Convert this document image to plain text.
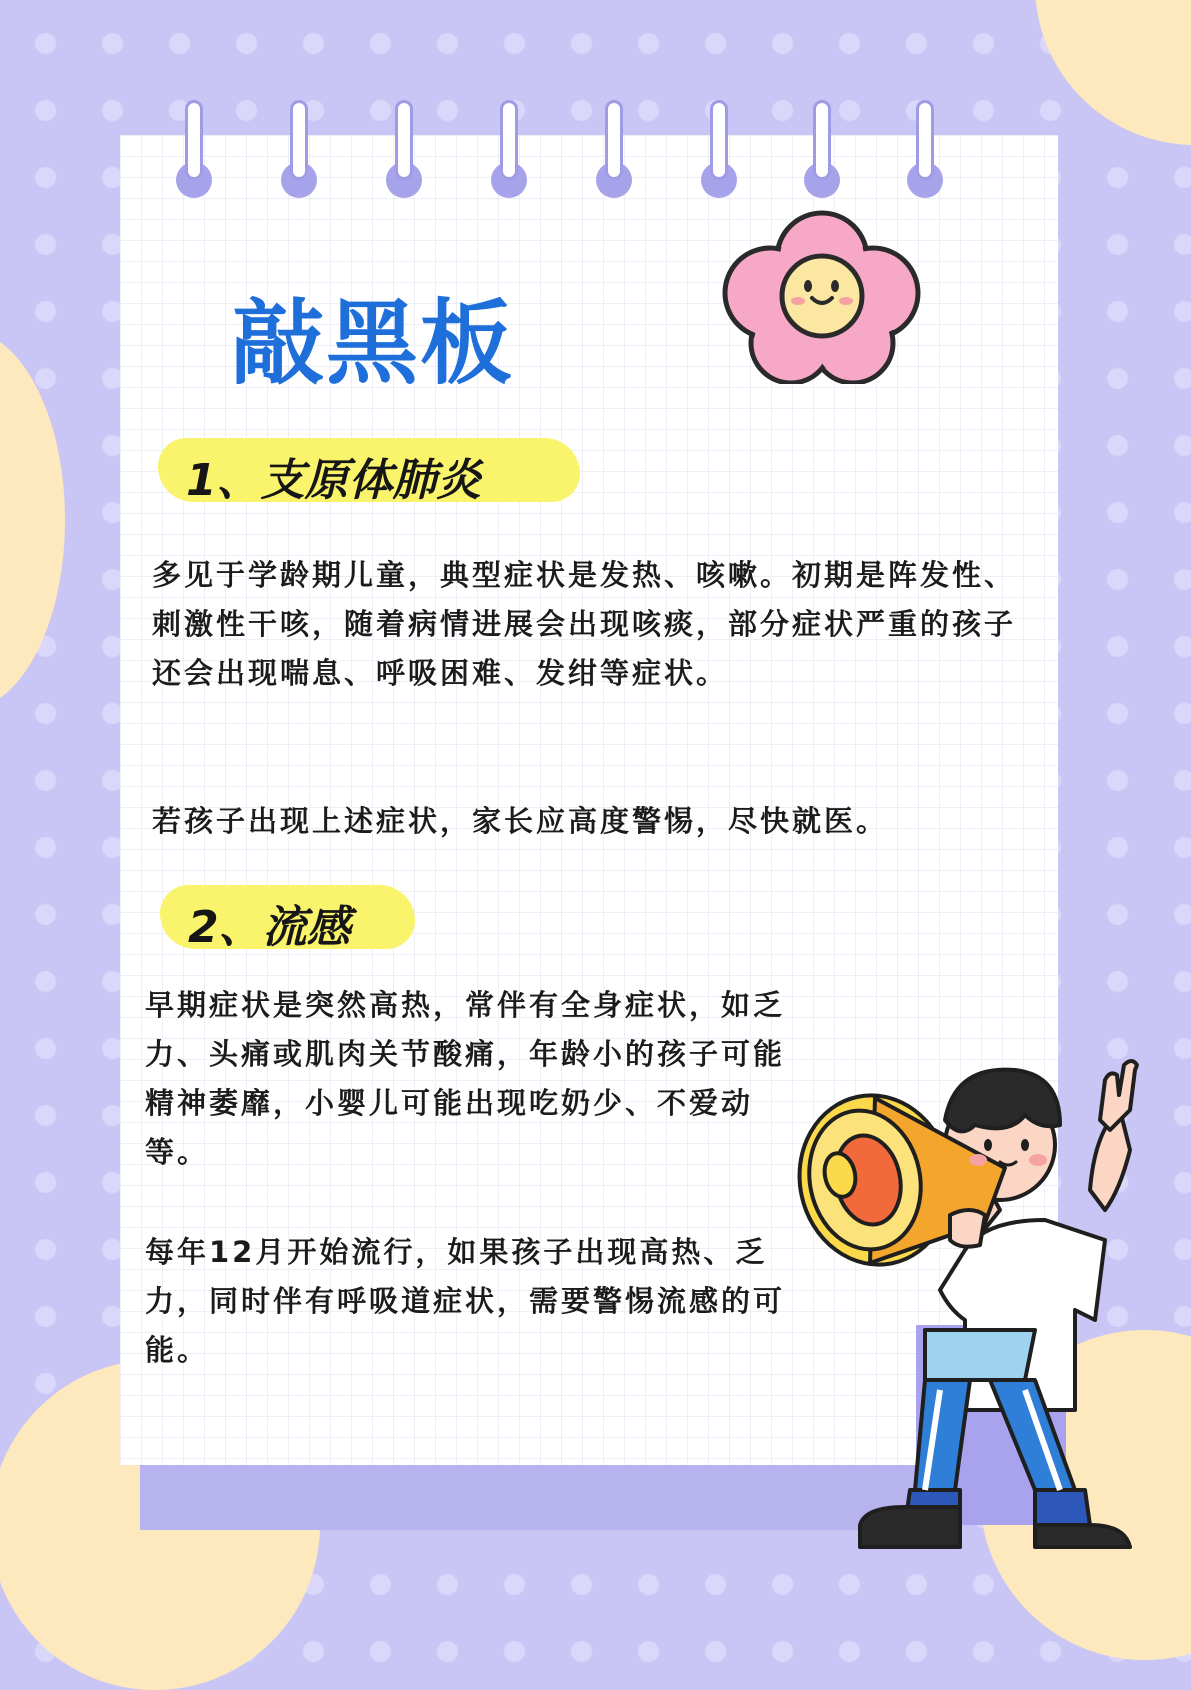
敲黑板
1、支原体肺炎

多见于学龄期儿童，典型症状是发热、咳嗽。初期是阵发性、刺激性干咳，随着病情进展会出现咳痰，部分症状严重的孩子还会出现喘息、呼吸困难、发绀等症状。

若孩子出现上述症状，家长应高度警惕，尽快就医。

2、流感

早期症状是突然高热，常伴有全身症状，如乏力、头痛或肌肉关节酸痛，年龄小的孩子可能精神萎靡，小婴儿可能出现吃奶少、不爱动等。

每年12月开始流行，如果孩子出现高热、乏力，同时伴有呼吸道症状，需要警惕流感的可能。
